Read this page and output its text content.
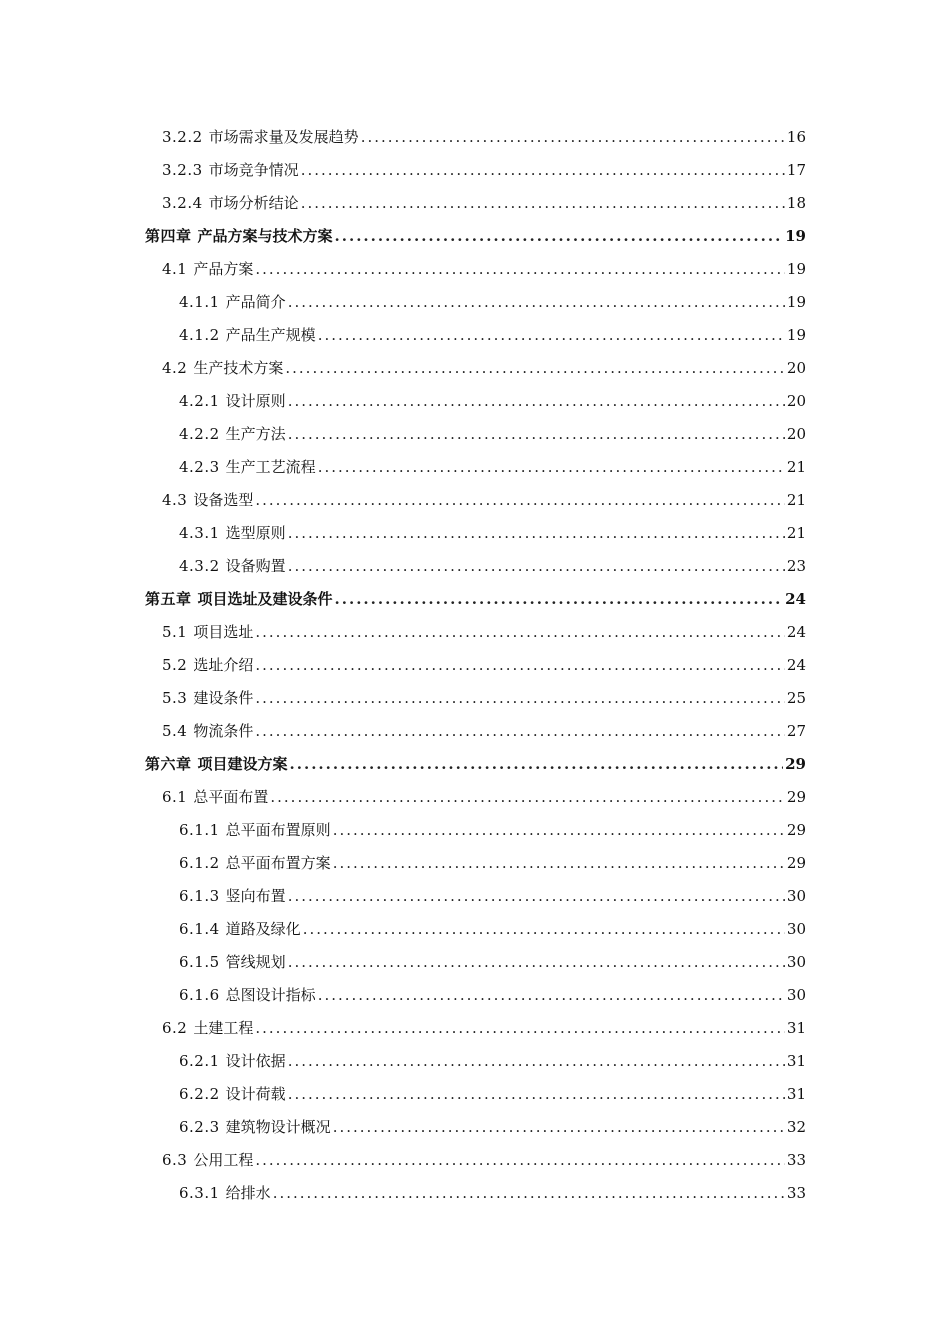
3.2.2 市场需求量及发展趋势 .....	16
3.2.3 市场竞争情况 .....	17
3.2.4 市场分析结论 .....	18
第四章 产品方案与技术方案 .....	19
4.1 产品方案 .....	19
4.1.1 产品简介 .....	19
4.1.2 产品生产规模 .....	19
4.2 生产技术方案 .....	20
4.2.1 设计原则 .....	20
4.2.2 生产方法 .....	20
4.2.3 生产工艺流程 .....	21
4.3 设备选型 .....	21
4.3.1 选型原则 .....	21
4.3.2 设备购置 .....	23
第五章 项目选址及建设条件 .....	24
5.1 项目选址 .....	24
5.2 选址介绍 .....	24
5.3 建设条件 .....	25
5.4 物流条件 .....	27
第六章 项目建设方案 .....	29
6.1 总平面布置 .....	29
6.1.1 总平面布置原则 .....	29
6.1.2 总平面布置方案 .....	29
6.1.3 竖向布置 .....	30
6.1.4 道路及绿化 .....	30
6.1.5 管线规划 .....	30
6.1.6 总图设计指标 .....	30
6.2 土建工程 .....	31
6.2.1 设计依据 .....	31
6.2.2 设计荷载 .....	31
6.2.3 建筑物设计概况 .....	32
6.3 公用工程 .....	33
6.3.1 给排水 .....	33
